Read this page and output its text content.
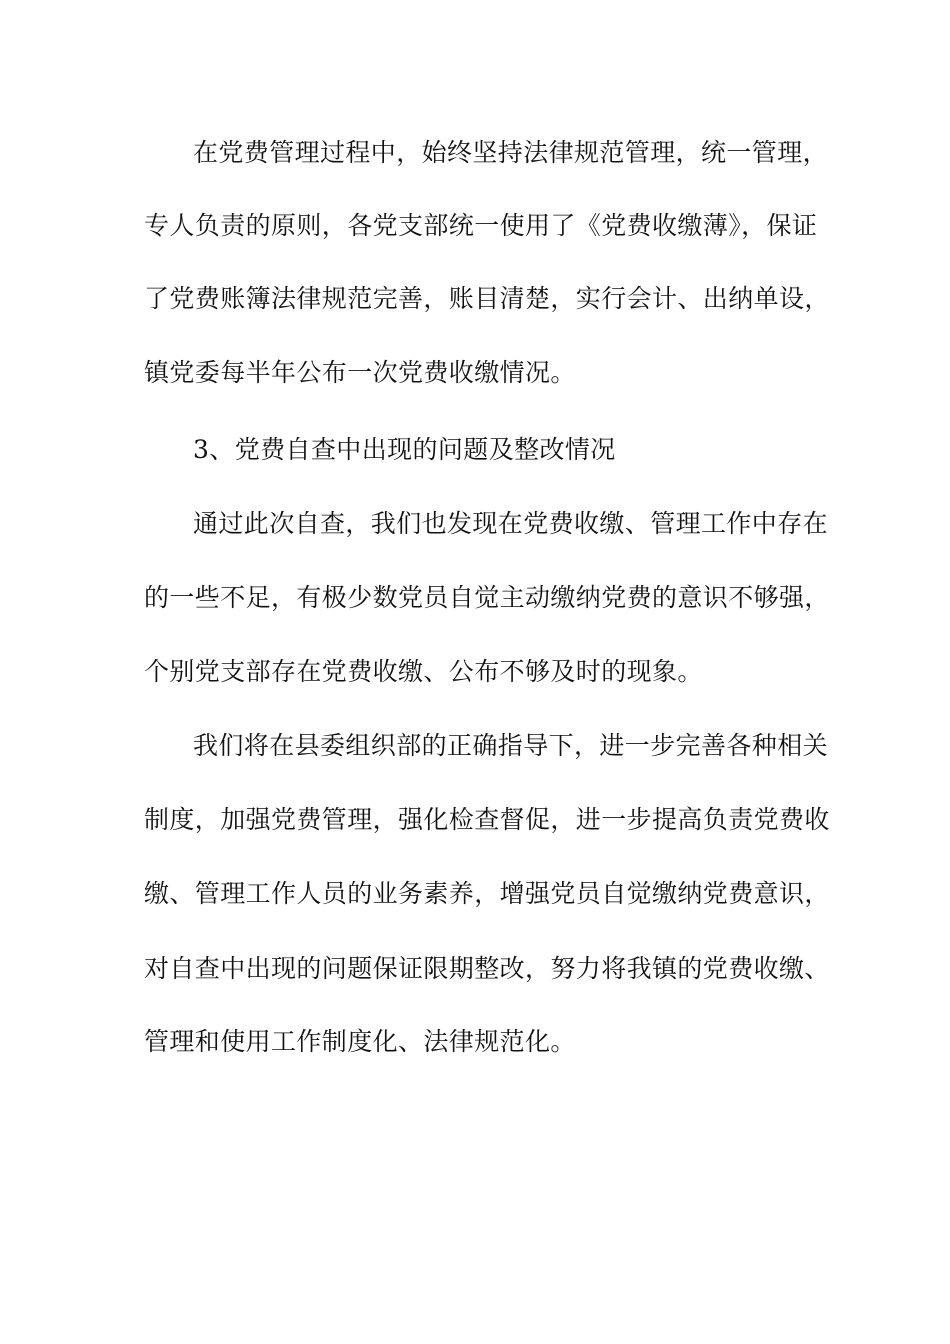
在党费管理过程中，始终坚持法律规范管理，统一管理，
专人负责的原则，各党支部统一使用了《党费收缴薄》，保证
了党费账簿法律规范完善，账目清楚，实行会计、出纳单设，
镇党委每半年公布一次党费收缴情况。
3、党费自查中出现的问题及整改情况
通过此次自查，我们也发现在党费收缴、管理工作中存在
的一些不足，有极少数党员自觉主动缴纳党费的意识不够强，
个别党支部存在党费收缴、公布不够及时的现象。
我们将在县委组织部的正确指导下，进一步完善各种相关
制度，加强党费管理，强化检查督促，进一步提高负责党费收
缴、管理工作人员的业务素养，增强党员自觉缴纳党费意识，
对自查中出现的问题保证限期整改，努力将我镇的党费收缴、
管理和使用工作制度化、法律规范化。
